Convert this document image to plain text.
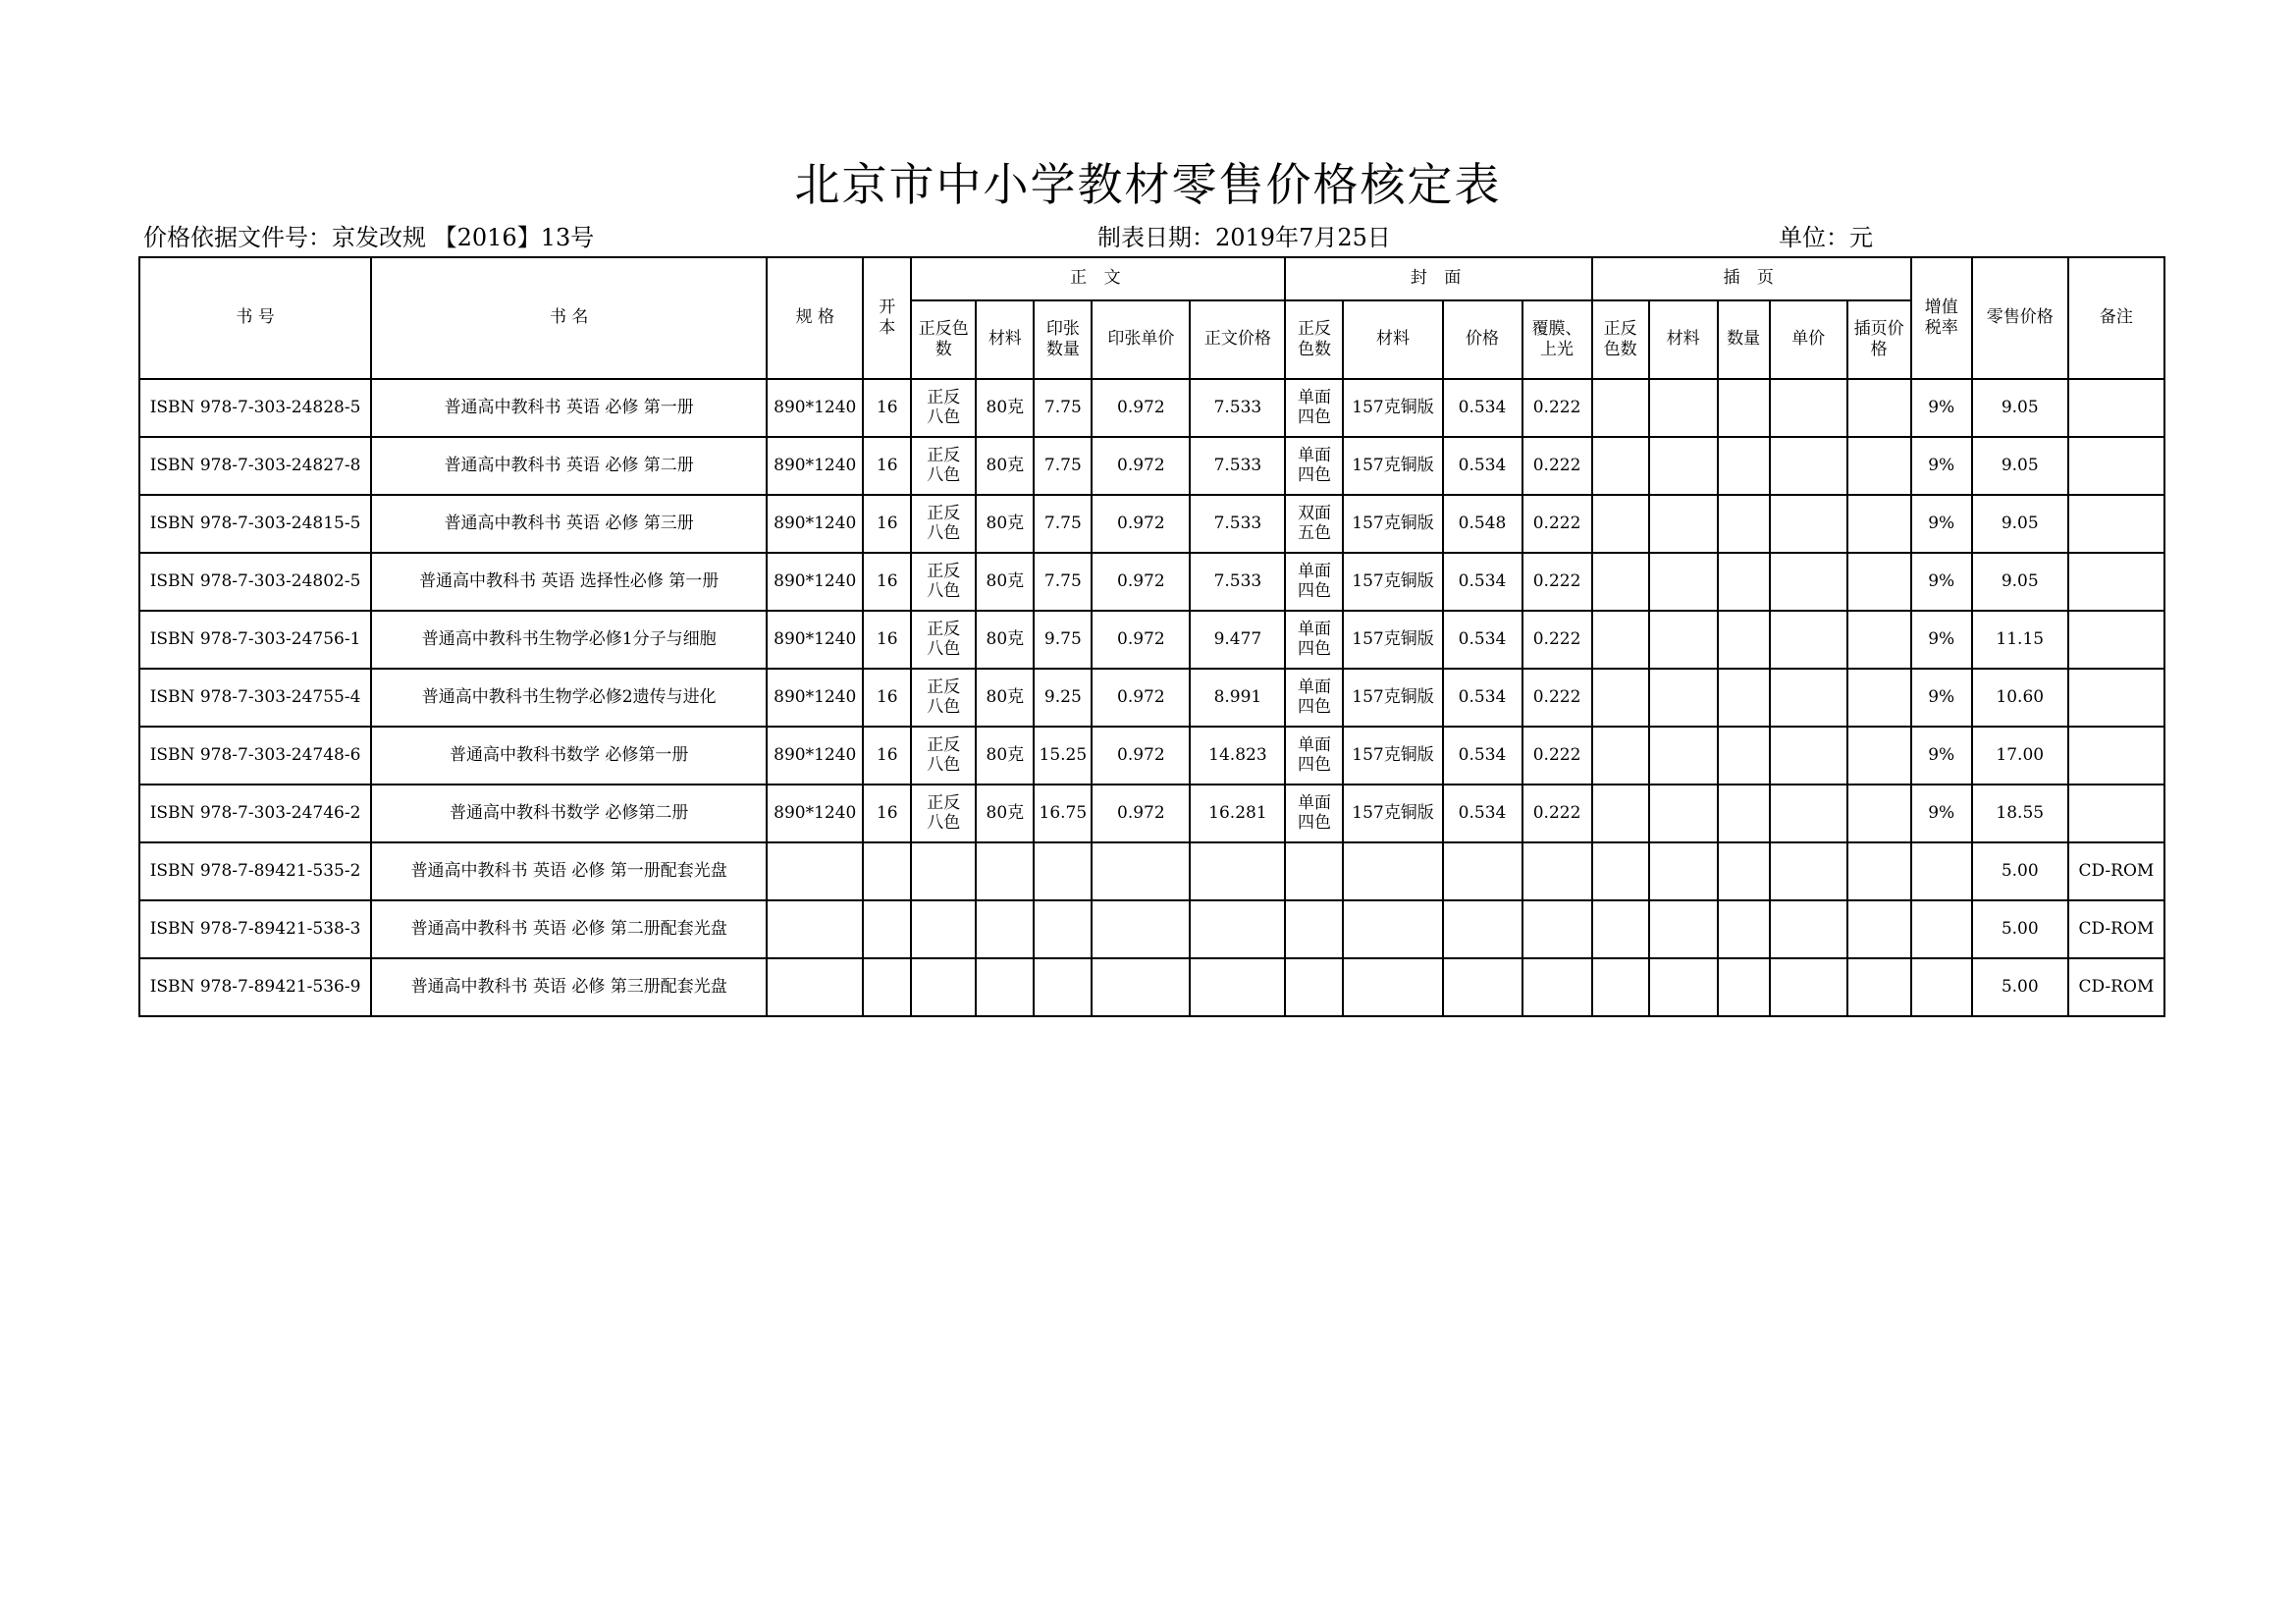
北京市中小学教材零售价格核定表
价格依据文件号：京发改规 【2016】13号	制表日期：2019年7月25日	单位：元
书 号	书 名	规 格	开本	正 文					封 面				插 页					增值税率	零售价格	备注
				正反色数	材料	印张数量	印张单价	正文价格	正反色数	材料	价格	覆膜、上光	正反色数	材料	数量	单价	插页价格			
ISBN 978-7-303-24828-5	普通高中教科书 英语 必修 第一册	890*1240	16	正反八色	80克	7.75	0.972	7.533	单面四色	157克铜版	0.534	0.222						9%	9.05	
ISBN 978-7-303-24827-8	普通高中教科书 英语 必修 第二册	890*1240	16	正反八色	80克	7.75	0.972	7.533	单面四色	157克铜版	0.534	0.222						9%	9.05	
ISBN 978-7-303-24815-5	普通高中教科书 英语 必修 第三册	890*1240	16	正反八色	80克	7.75	0.972	7.533	双面五色	157克铜版	0.548	0.222						9%	9.05	
ISBN 978-7-303-24802-5	普通高中教科书 英语 选择性必修 第一册	890*1240	16	正反八色	80克	7.75	0.972	7.533	单面四色	157克铜版	0.534	0.222						9%	9.05	
ISBN 978-7-303-24756-1	普通高中教科书生物学必修1分子与细胞	890*1240	16	正反八色	80克	9.75	0.972	9.477	单面四色	157克铜版	0.534	0.222						9%	11.15	
ISBN 978-7-303-24755-4	普通高中教科书生物学必修2遗传与进化	890*1240	16	正反八色	80克	9.25	0.972	8.991	单面四色	157克铜版	0.534	0.222						9%	10.60	
ISBN 978-7-303-24748-6	普通高中教科书数学 必修第一册	890*1240	16	正反八色	80克	15.25	0.972	14.823	单面四色	157克铜版	0.534	0.222						9%	17.00	
ISBN 978-7-303-24746-2	普通高中教科书数学 必修第二册	890*1240	16	正反八色	80克	16.75	0.972	16.281	单面四色	157克铜版	0.534	0.222						9%	18.55	
ISBN 978-7-89421-535-2	普通高中教科书 英语 必修 第一册配套光盘																		5.00	CD-ROM
ISBN 978-7-89421-538-3	普通高中教科书 英语 必修 第二册配套光盘																		5.00	CD-ROM
ISBN 978-7-89421-536-9	普通高中教科书 英语 必修 第三册配套光盘																		5.00	CD-ROM
